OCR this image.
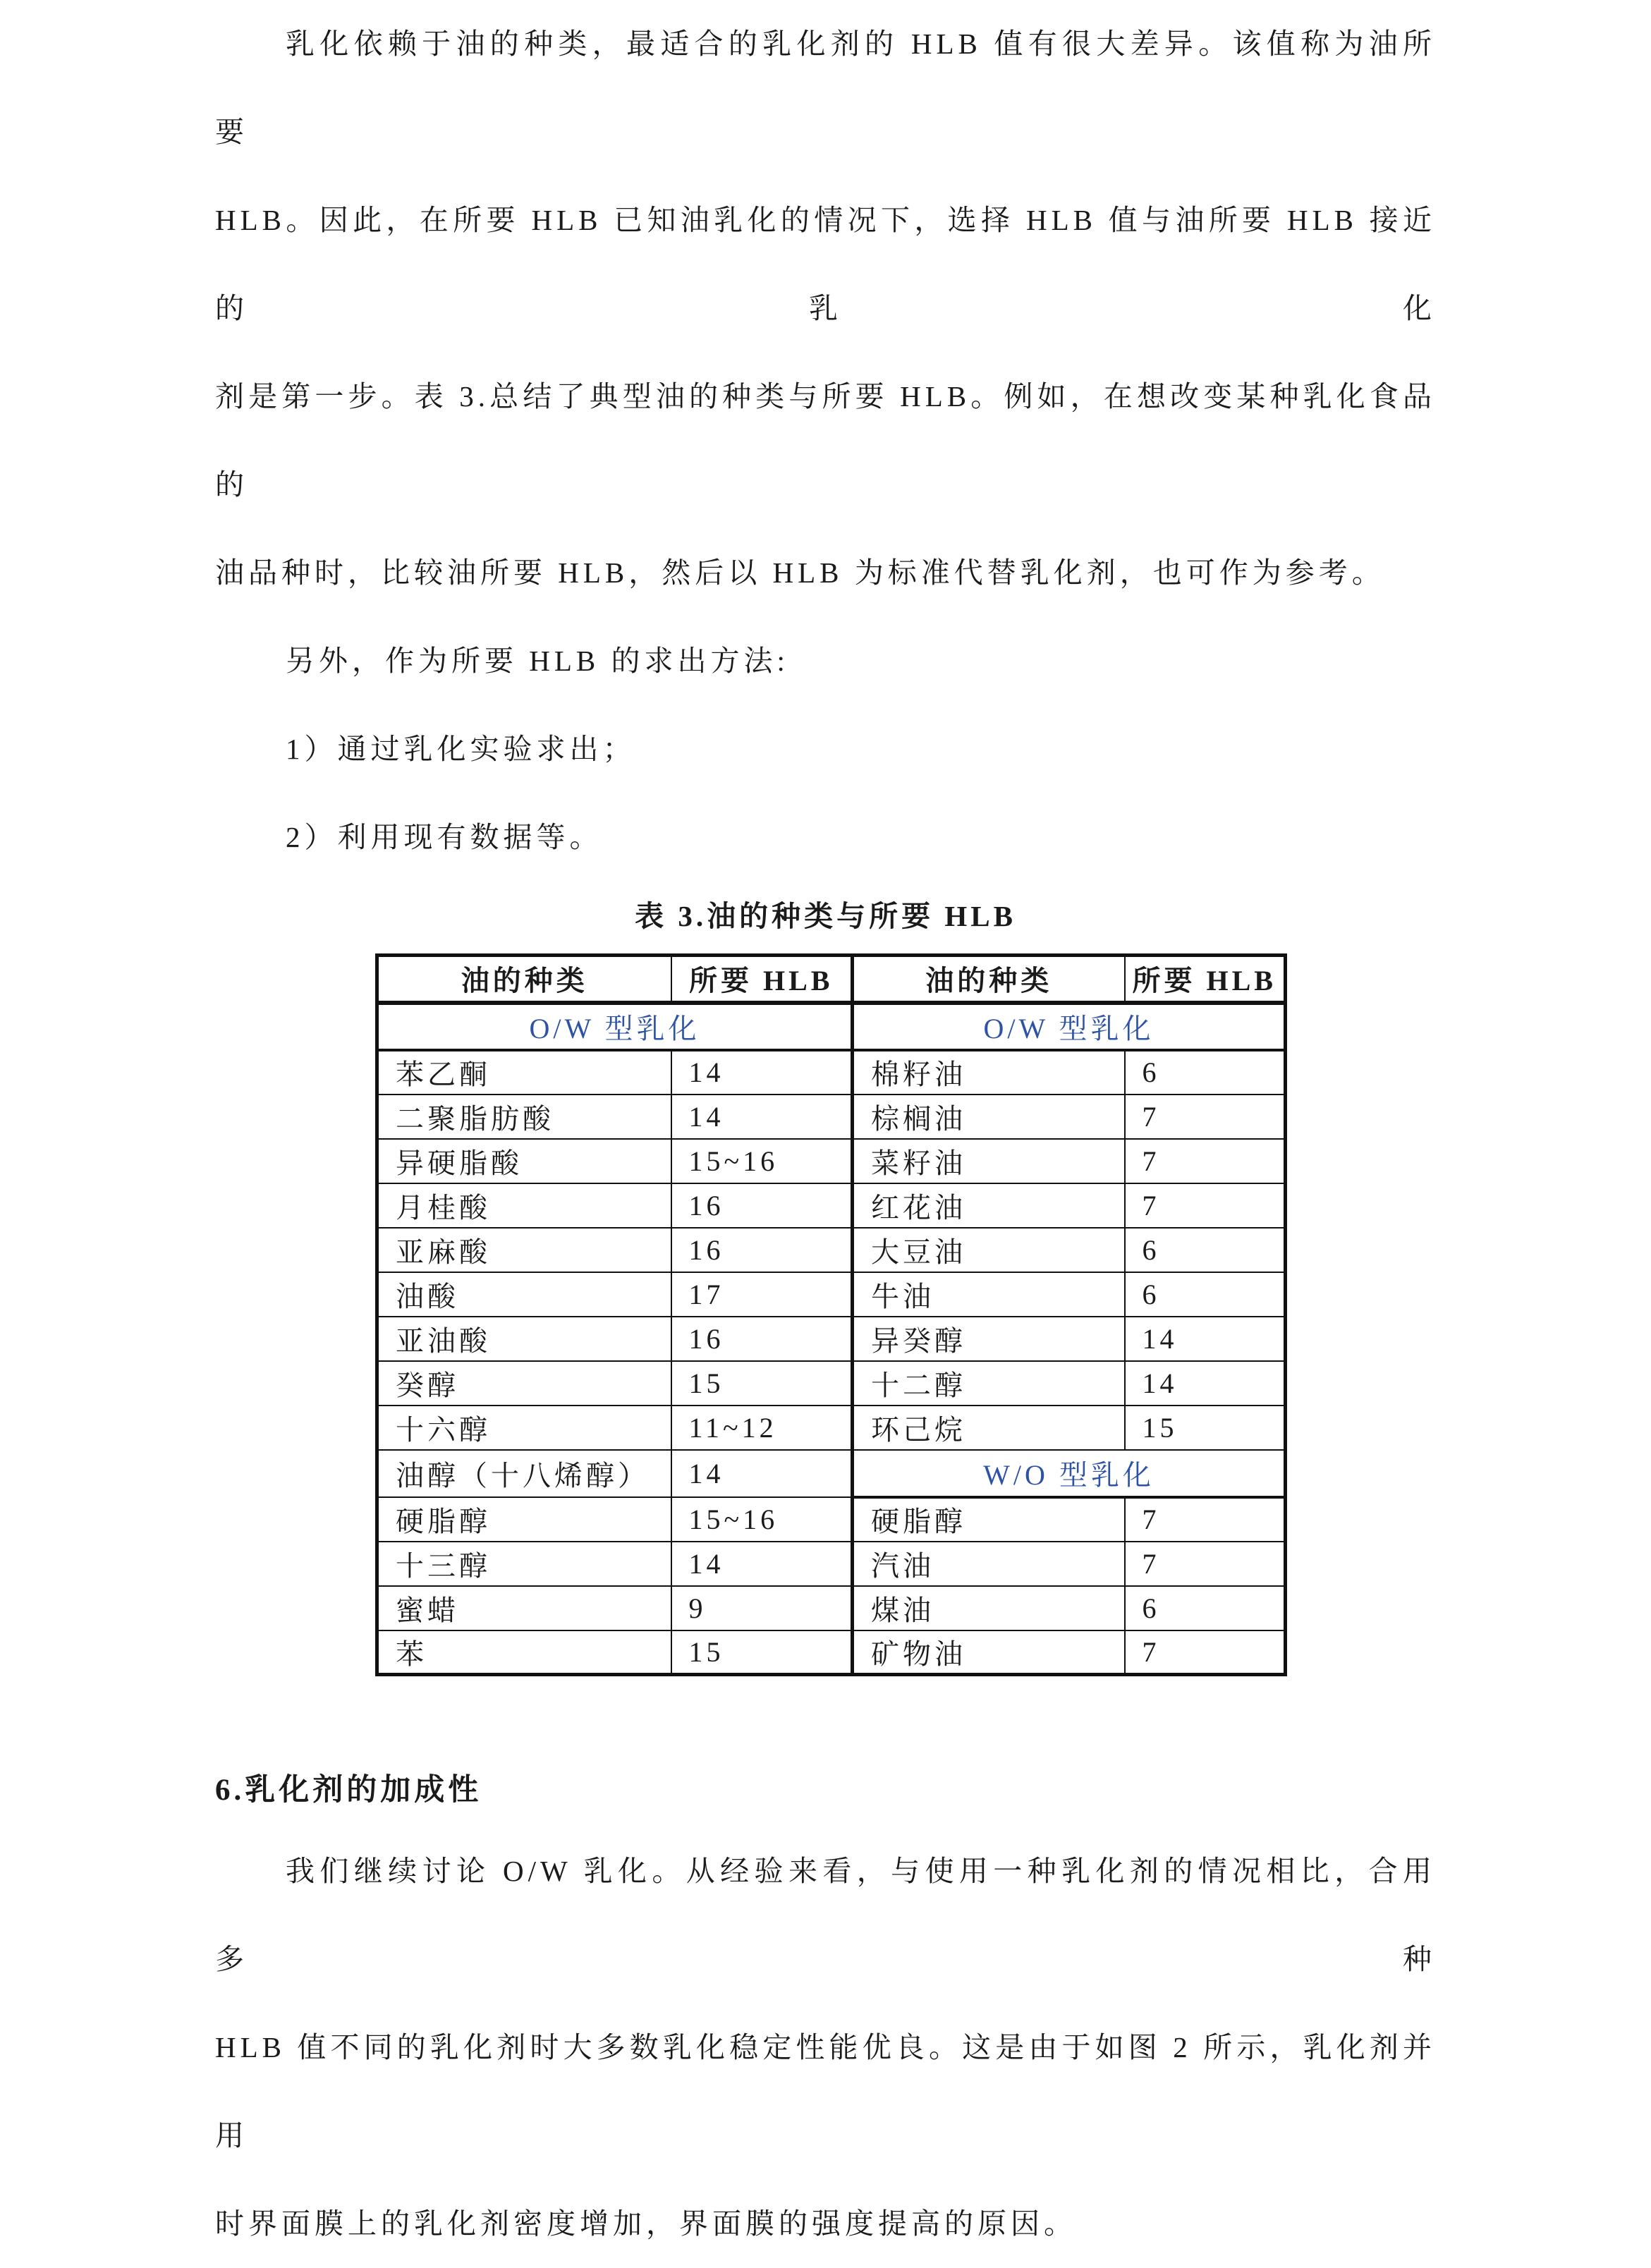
乳化依赖于油的种类，最适合的乳化剂的 HLB 值有很大差异。该值称为油所要
HLB。因此，在所要 HLB 已知油乳化的情况下，选择 HLB 值与油所要 HLB 接近的乳化
剂是第一步。表 3.总结了典型油的种类与所要 HLB。例如，在想改变某种乳化食品的
油品种时，比较油所要 HLB，然后以 HLB 为标准代替乳化剂，也可作为参考。
另外，作为所要 HLB 的求出方法:
1）通过乳化实验求出；
2）利用现有数据等。
表 3.油的种类与所要 HLB
油的种类	所要 HLB	油的种类	所要 HLB
O/W 型乳化		O/W 型乳化	
苯乙酮	14	棉籽油	6
二聚脂肪酸	14	棕榈油	7
异硬脂酸	15~16	菜籽油	7
月桂酸	16	红花油	7
亚麻酸	16	大豆油	6
油酸	17	牛油	6
亚油酸	16	异癸醇	14
癸醇	15	十二醇	14
十六醇	11~12	环己烷	15
油醇（十八烯醇）	14	W/O 型乳化	
硬脂醇	15~16	硬脂醇	7
十三醇	14	汽油	7
蜜蜡	9	煤油	6
苯	15	矿物油	7
6.乳化剂的加成性
我们继续讨论 O/W 乳化。从经验来看，与使用一种乳化剂的情况相比，合用多种
HLB 值不同的乳化剂时大多数乳化稳定性能优良。这是由于如图 2 所示，乳化剂并用
时界面膜上的乳化剂密度增加，界面膜的强度提高的原因。
